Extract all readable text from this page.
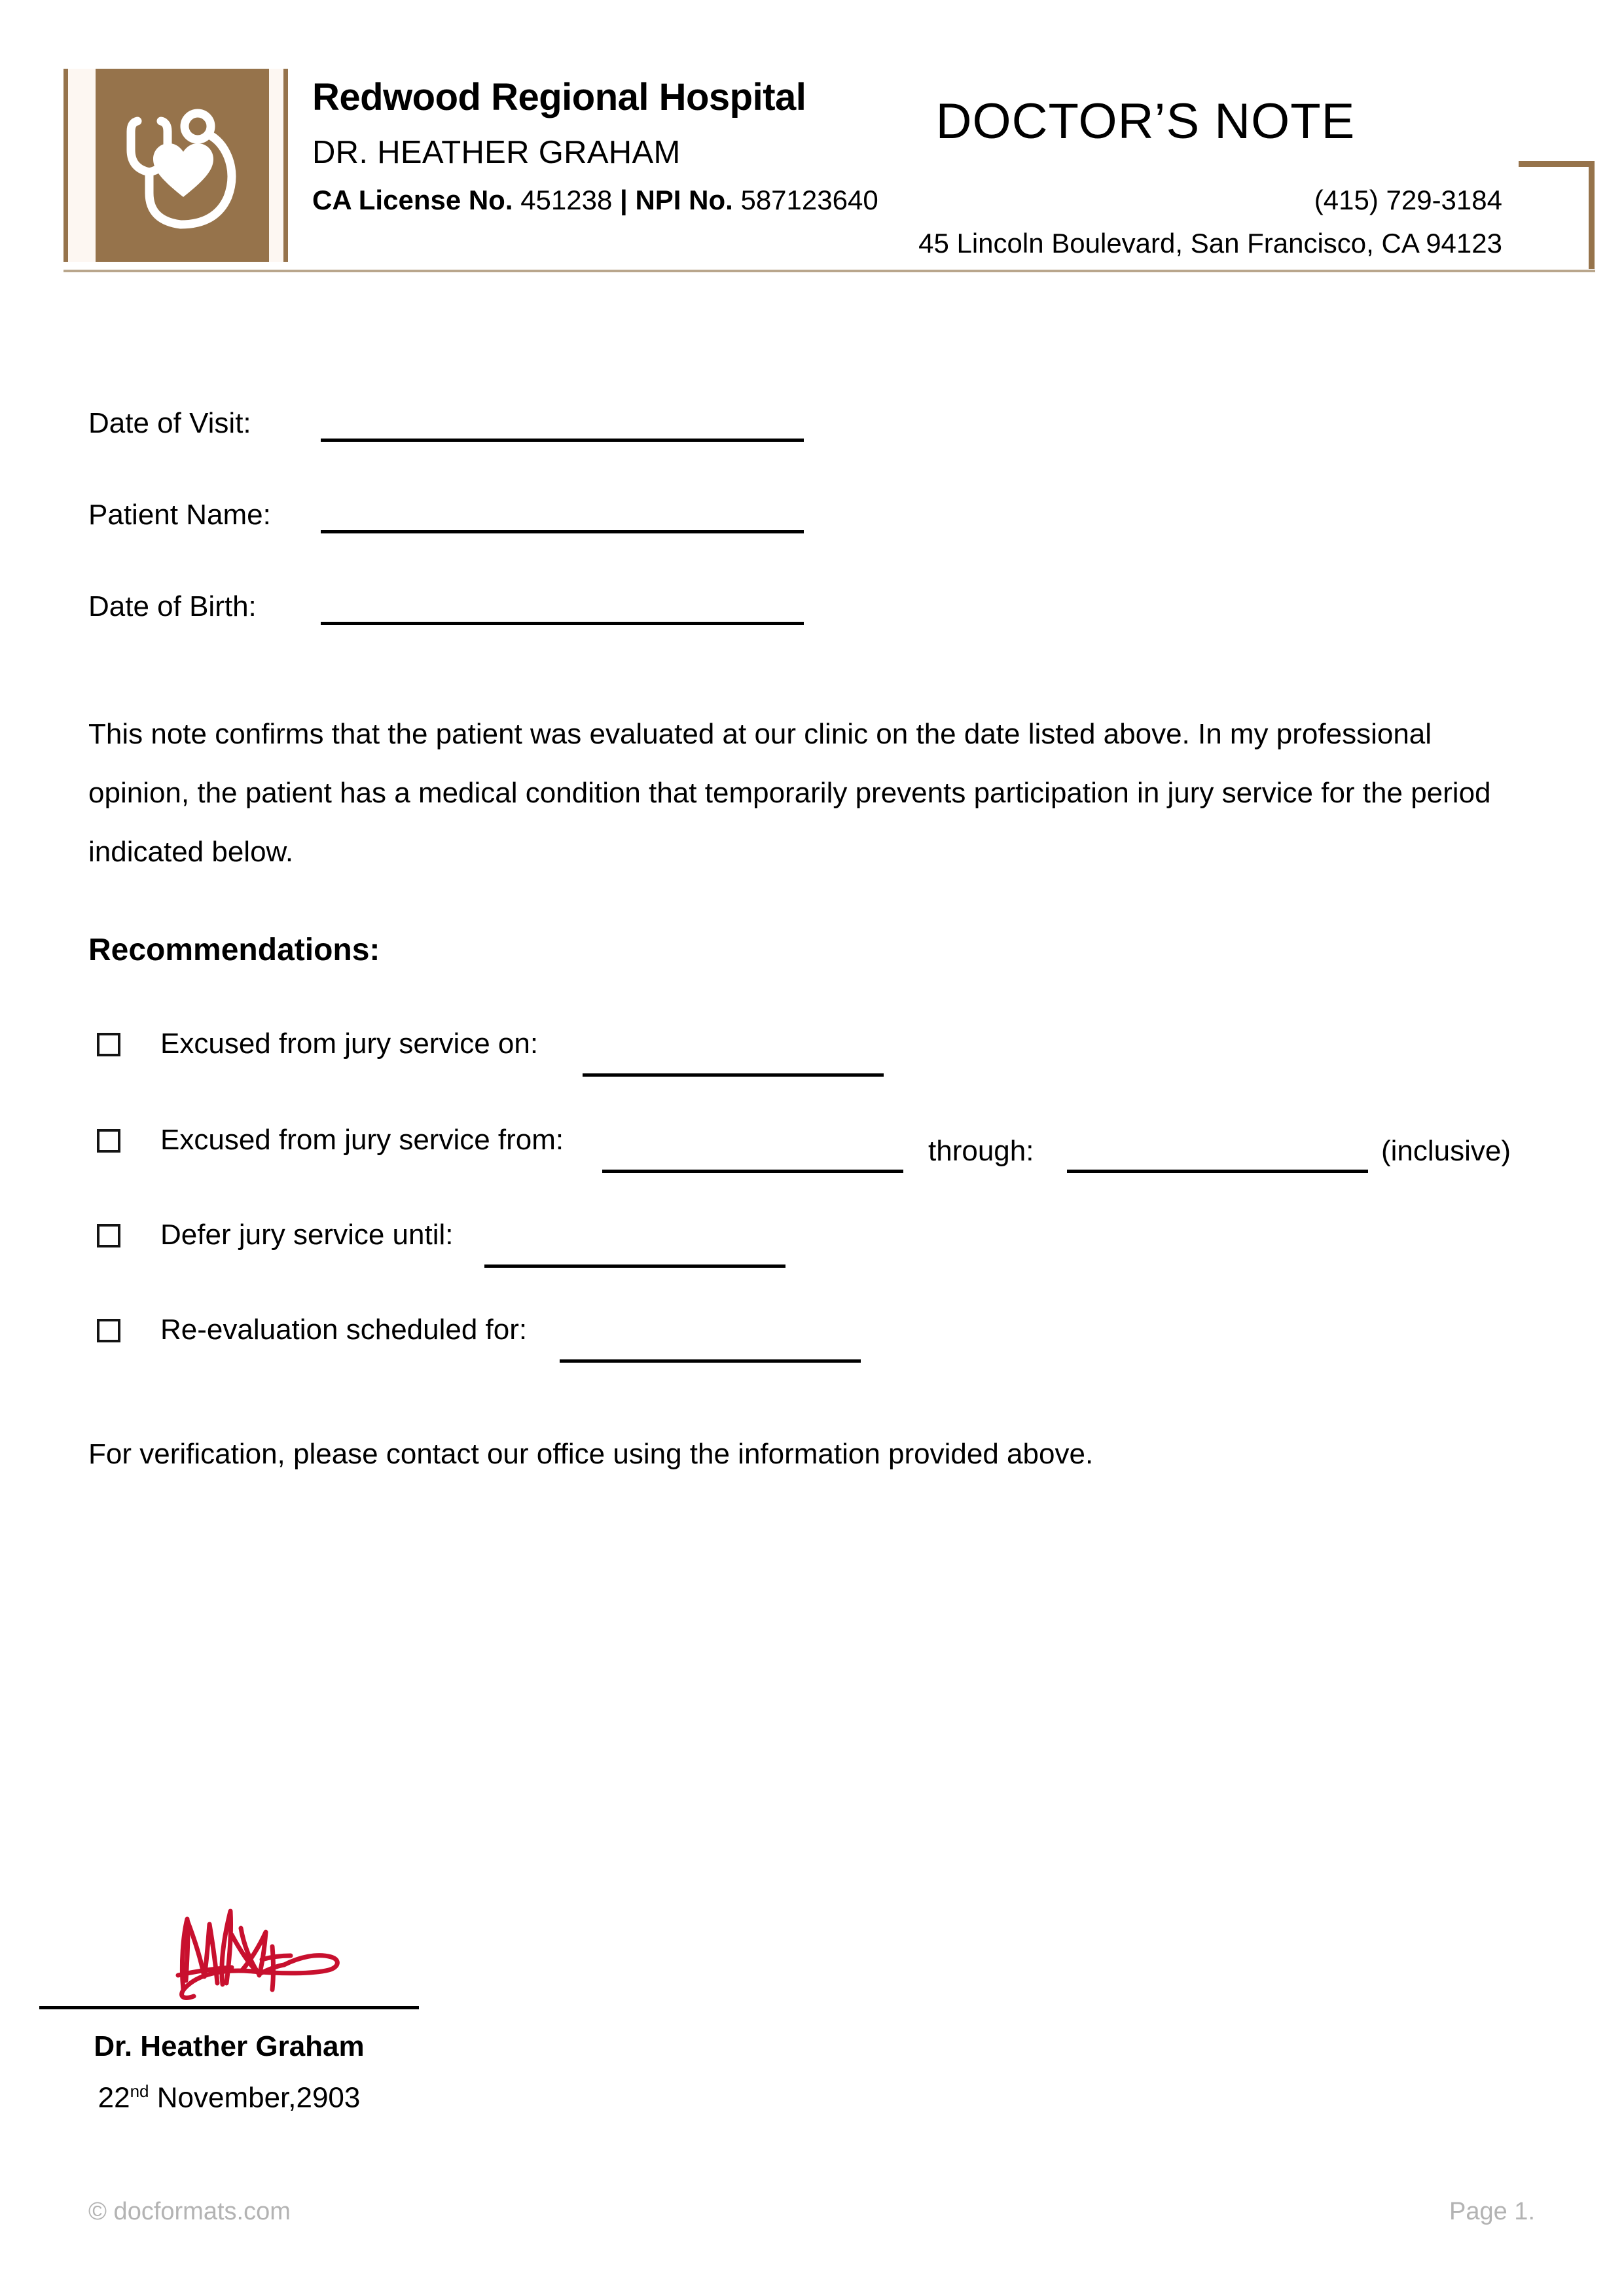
Redwood Regional Hospital
DR. HEATHER GRAHAM
CA License No. 451238 | NPI No. 587123640
DOCTOR’S NOTE
(415) 729-3184
45 Lincoln Boulevard, San Francisco, CA 94123
Date of Visit:
Patient Name:
Date of Birth:
This note confirms that the patient was evaluated at our clinic on the date listed above. In my professional opinion, the patient has a medical condition that temporarily prevents participation in jury service for the period indicated below.
Recommendations:
Excused from jury service on:
Excused from jury service from:	through:	(inclusive)
Defer jury service until:
Re-evaluation scheduled for:
For verification, please contact our office using the information provided above.
Dr. Heather Graham
22nd November,2903
© docformats.com	Page 1.
